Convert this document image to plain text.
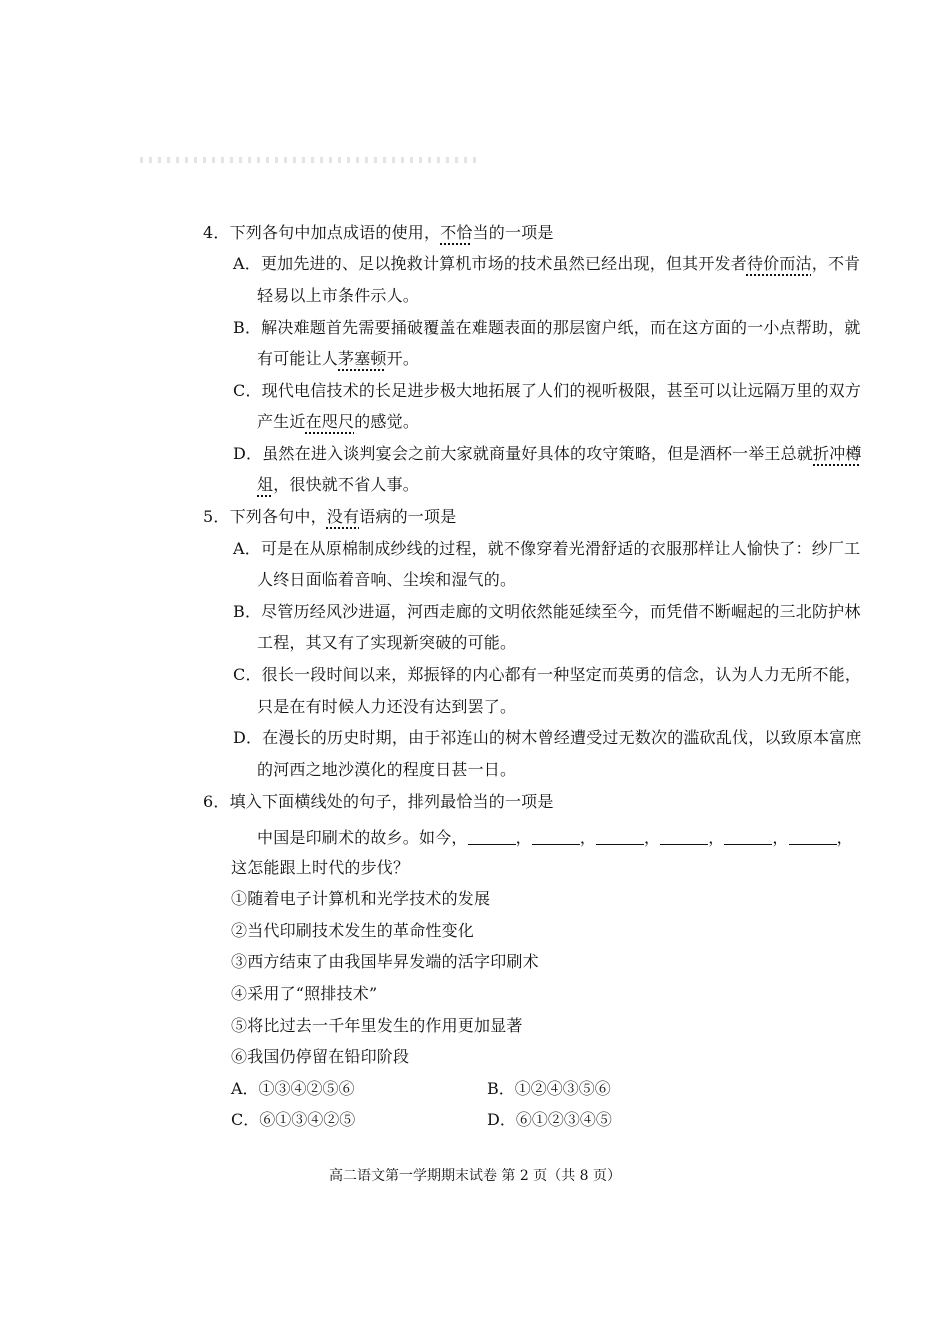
4．下列各句中加点成语的使用，不恰当的一项是
A．更加先进的、足以挽救计算机市场的技术虽然已经出现，但其开发者待价而沽，不肯
轻易以上市条件示人。
B．解决难题首先需要捅破覆盖在难题表面的那层窗户纸，而在这方面的一小点帮助，就
有可能让人茅塞顿开。
C．现代电信技术的长足进步极大地拓展了人们的视听极限，甚至可以让远隔万里的双方
产生近在咫尺的感觉。
D．虽然在进入谈判宴会之前大家就商量好具体的攻守策略，但是酒杯一举王总就折冲樽
俎，很快就不省人事。
5．下列各句中，没有语病的一项是
A．可是在从原棉制成纱线的过程，就不像穿着光滑舒适的衣服那样让人愉快了：纱厂工
人终日面临着音响、尘埃和湿气的。
B．尽管历经风沙进逼，河西走廊的文明依然能延续至今，而凭借不断崛起的三北防护林
工程，其又有了实现新突破的可能。
C．很长一段时间以来，郑振铎的内心都有一种坚定而英勇的信念，认为人力无所不能，
只是在有时候人力还没有达到罢了。
D．在漫长的历史时期，由于祁连山的树木曾经遭受过无数次的滥砍乱伐，以致原本富庶
的河西之地沙漠化的程度日甚一日。
6．填入下面横线处的句子，排列最恰当的一项是
中国是印刷术的故乡。如今，	，	，	，	，	，	，
这怎能跟上时代的步伐？
①随着电子计算机和光学技术的发展
②当代印刷技术发生的革命性变化
③西方结束了由我国毕昇发端的活字印刷术
④采用了“照排技术”
⑤将比过去一千年里发生的作用更加显著
⑥我国仍停留在铅印阶段
A．①③④②⑤⑥	B．①②④③⑤⑥
C．⑥①③④②⑤	D．⑥①②③④⑤
高二语文第一学期期末试卷 第 2 页（共 8 页）
